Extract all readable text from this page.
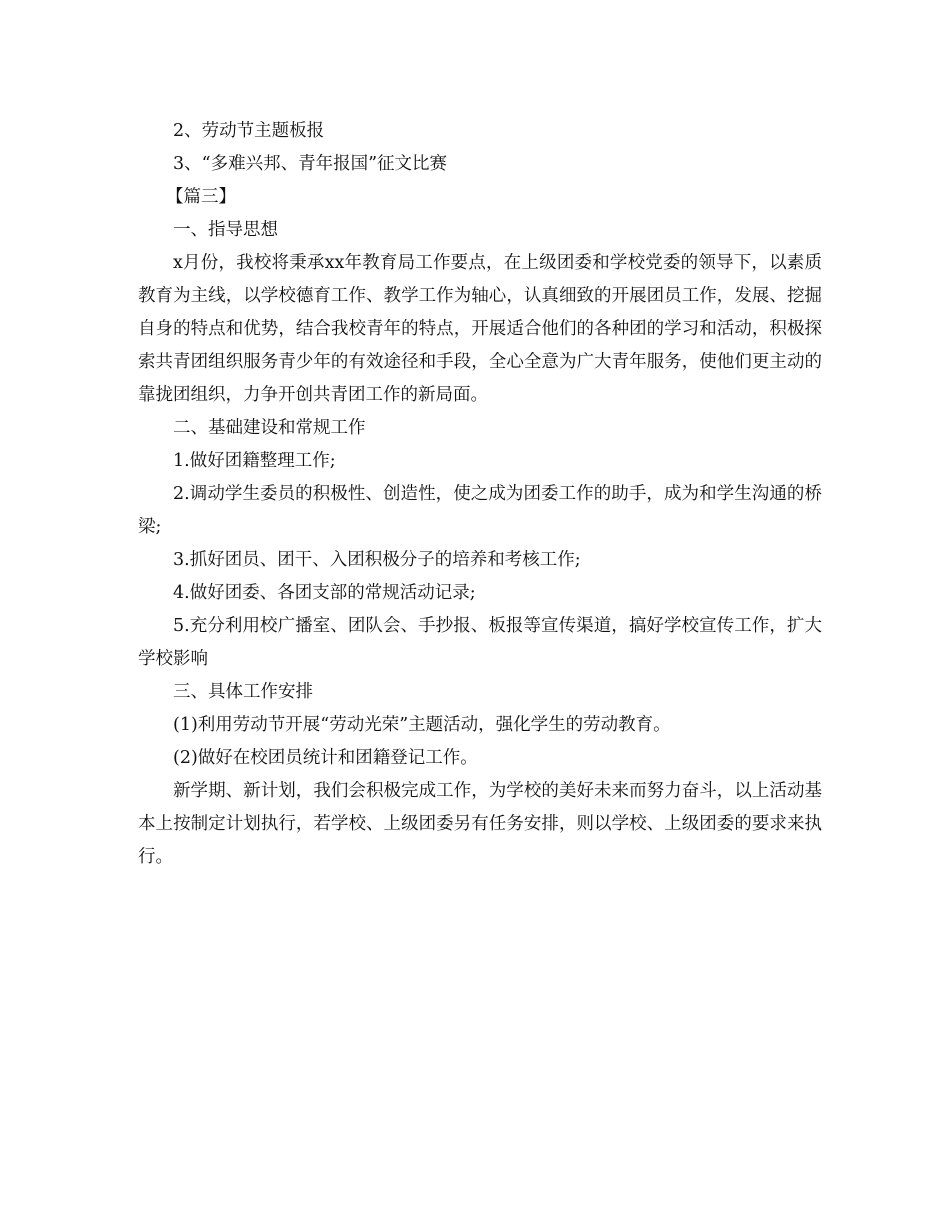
2、劳动节主题板报

3、“多难兴邦、青年报国”征文比赛

【篇三】

一、指导思想

x月份，我校将秉承xx年教育局工作要点，在上级团委和学校党委的领导下，以素质教育为主线，以学校德育工作、教学工作为轴心，认真细致的开展团员工作，发展、挖掘自身的特点和优势，结合我校青年的特点，开展适合他们的各种团的学习和活动，积极探索共青团组织服务青少年的有效途径和手段，全心全意为广大青年服务，使他们更主动的靠拢团组织，力争开创共青团工作的新局面。

二、基础建设和常规工作

1.做好团籍整理工作;

2.调动学生委员的积极性、创造性，使之成为团委工作的助手，成为和学生沟通的桥梁;

3.抓好团员、团干、入团积极分子的培养和考核工作;

4.做好团委、各团支部的常规活动记录;

5.充分利用校广播室、团队会、手抄报、板报等宣传渠道，搞好学校宣传工作，扩大学校影响

三、具体工作安排

(1)利用劳动节开展“劳动光荣”主题活动，强化学生的劳动教育。

(2)做好在校团员统计和团籍登记工作。

新学期、新计划，我们会积极完成工作，为学校的美好未来而努力奋斗，以上活动基本上按制定计划执行，若学校、上级团委另有任务安排，则以学校、上级团委的要求来执行。
